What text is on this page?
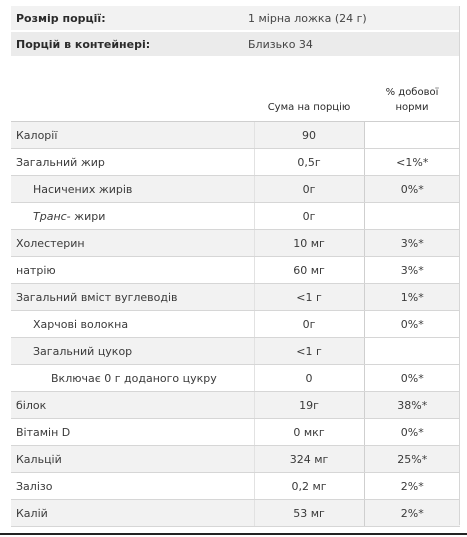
Розмір порції:	1 мірна ложка (24 г)
Порцій в контейнері:	Близько 34
	Сума на порцію	% добової норми
Калорії	90	
Загальний жир	0,5г	<1%*
Насичених жирів	0г	0%*
Транс- жири	0г	
Холестерин	10 мг	3%*
натрію	60 мг	3%*
Загальний вміст вуглеводів	<1 г	1%*
Харчові волокна	0г	0%*
Загальний цукор	<1 г	
Включає 0 г доданого цукру	0	0%*
білок	19г	38%*
Вітамін D	0 мкг	0%*
Кальцій	324 мг	25%*
Залізо	0,2 мг	2%*
Калій	53 мг	2%*
